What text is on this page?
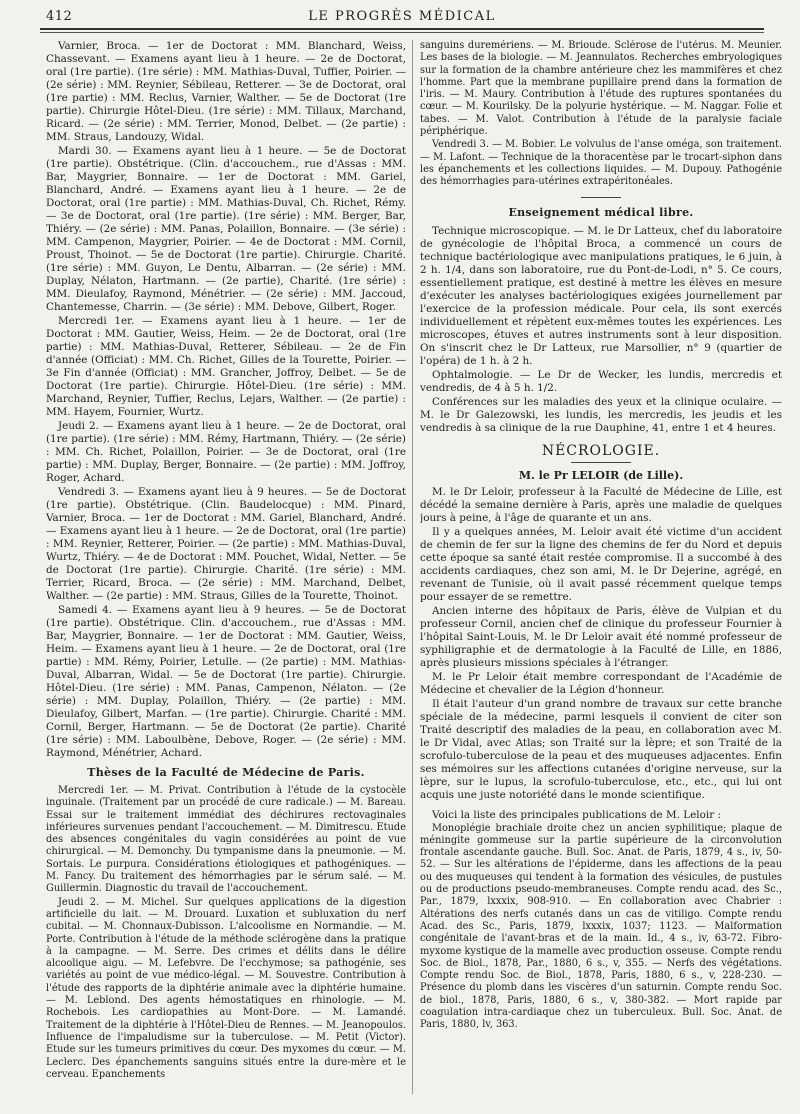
412	LE PROGRÈS MÉDICAL

Varnier, Broca. — 1er de Doctorat : MM. Blanchard, Weiss, Chassevant. — Examens ayant lieu à 1 heure. — 2e de Doctorat, oral (1re partie). (1re série) : MM. Mathias-Duval, Tuffier, Poirier. — (2e série) : MM. Reynier, Sébileau, Retterer. — 3e de Doctorat, oral (1re partie) : MM. Reclus, Varnier, Walther. — 5e de Doctorat (1re partie). Chirurgie Hôtel-Dieu. (1re série) : MM. Tillaux, Marchand, Ricard. — (2e série) : MM. Terrier, Monod, Delbet. — (2e partie) : MM. Straus, Landouzy, Widal.

Mardi 30. — Examens ayant lieu à 1 heure. — 5e de Doctorat (1re partie). Obstétrique. (Clin. d'accouchem., rue d'Assas : MM. Bar, Maygrier, Bonnaire. — 1er de Doctorat : MM. Gariel, Blanchard, André. — Examens ayant lieu à 1 heure. — 2e de Doctorat, oral (1re partie) : MM. Mathias-Duval, Ch. Richet, Rémy. — 3e de Doctorat, oral (1re partie). (1re série) : MM. Berger, Bar, Thiéry. — (2e série) : MM. Panas, Polaillon, Bonnaire. — (3e série) : MM. Campenon, Maygrier, Poirier. — 4e de Doctorat : MM. Cornil, Proust, Thoinot. — 5e de Doctorat (1re partie). Chirurgie. Charité. (1re série) : MM. Guyon, Le Dentu, Albarran. — (2e série) : MM. Duplay, Nélaton, Hartmann. — (2e partie), Charité. (1re série) : MM. Dieulafoy, Raymond, Ménétrier. — (2e série) : MM. Jaccoud, Chantemesse, Charrin. — (3e série) : MM. Debove, Gilbert, Roger.

Mercredi 1er. — Examens ayant lieu à 1 heure. — 1er de Doctorat : MM. Gautier, Weiss, Heim. — 2e de Doctorat, oral (1re partie) : MM. Mathias-Duval, Retterer, Sébileau. — 2e de Fin d'année (Officiat) : MM. Ch. Richet, Gilles de la Tourette, Poirier. — 3e Fin d'année (Officiat) : MM. Grancher, Joffroy, Delbet. — 5e de Doctorat (1re partie). Chirurgie. Hôtel-Dieu. (1re série) : MM. Marchand, Reynier, Tuffier, Reclus, Lejars, Walther. — (2e partie) : MM. Hayem, Fournier, Wurtz.

Jeudi 2. — Examens ayant lieu à 1 heure. — 2e de Doctorat, oral (1re partie). (1re série) : MM. Rémy, Hartmann, Thiéry. — (2e série) : MM. Ch. Richet, Polaillon, Poirier. — 3e de Doctorat, oral (1re partie) : MM. Duplay, Berger, Bonnaire. — (2e partie) : MM. Joffroy, Roger, Achard.

Vendredi 3. — Examens ayant lieu à 9 heures. — 5e de Doctorat (1re partie). Obstétrique. (Clin. Baudelocque) : MM. Pinard, Varnier, Broca. — 1er de Doctorat : MM. Gariel, Blanchard, André. — Examens ayant lieu à 1 heure. — 2e de Doctorat, oral (1re partie) : MM. Reynier, Retterer, Poirier. — (2e partie) : MM. Mathias-Duval, Wurtz, Thiéry. — 4e de Doctorat : MM. Pouchet, Widal, Netter. — 5e de Doctorat (1re partie). Chirurgie. Charité. (1re série) : MM. Terrier, Ricard, Broca. — (2e série) : MM. Marchand, Delbet, Walther. — (2e partie) : MM. Straus, Gilles de la Tourette, Thoinot.

Samedi 4. — Examens ayant lieu à 9 heures. — 5e de Doctorat (1re partie). Obstétrique. Clin. d'accouchem., rue d'Assas : MM. Bar, Maygrier, Bonnaire. — 1er de Doctorat : MM. Gautier, Weiss, Heim. — Examens ayant lieu à 1 heure. — 2e de Doctorat, oral (1re partie) : MM. Rémy, Poirier, Letulle. — (2e partie) : MM. Mathias-Duval, Albarran, Widal. — 5e de Doctorat (1re partie). Chirurgie. Hôtel-Dieu. (1re série) : MM. Panas, Campenon, Nélaton. — (2e série) : MM. Duplay, Polaillon, Thiéry. — (2e partie) : MM. Dieulafoy, Gilbert, Marfan. — (1re partie). Chirurgie. Charité : MM. Cornil, Berger, Hartmann. — 5e de Doctorat (2e partie). Charité (1re série) : MM. Laboulbène, Debove, Roger. — (2e série) : MM. Raymond, Ménétrier, Achard.

Thèses de la Faculté de Médecine de Paris.

Mercredi 1er. — M. Privat. Contribution à l'étude de la cystocèle inguinale. (Traitement par un procédé de cure radicale.) — M. Bareau. Essai sur le traitement immédiat des déchirures rectovaginales inférieures survenues pendant l'accouchement. — M. Dimitrescu. Etude des absences congénitales du vagin considérées au point de vue chirurgical. — M. Demonchy. Du tympanisme dans la pneumonie. — M. Sortais. Le purpura. Considérations étiologiques et pathogéniques. — M. Fancy. Du traitement des hémorrhagies par le sérum salé. — M. Guillermin. Diagnostic du travail de l'accouchement.

Jeudi 2. — M. Michel. Sur quelques applications de la digestion artificielle du lait. — M. Drouard. Luxation et subluxation du nerf cubital. — M. Chonnaux-Dubisson. L'alcoolisme en Normandie. — M. Porte. Contribution à l'étude de la méthode sclérogène dans la pratique à la campagne. — M. Serre. Des crimes et délits dans le délire alcoolique aigu. — M. Lefebvre. De l'ecchymose; sa pathogénie, ses variétés au point de vue médico-légal. — M. Souvestre. Contribution à l'étude des rapports de la diphtérie animale avec la diphtérie humaine. — M. Leblond. Des agents hémostatiques en rhinologie. — M. Rochebois. Les cardiopathies au Mont-Dore. — M. Lamandé. Traitement de la diphtérie à l'Hôtel-Dieu de Rennes. — M. Jeanopoulos. Influence de l'impaludisme sur la tuberculose. — M. Petit (Victor). Etude sur les tumeurs primitives du cœur. Des myxomes du cœur. — M. Leclerc. Des épanchements sanguins situés entre la dure-mère et le cerveau. Epanchements

sanguins duremériens. — M. Brioude. Sclérose de l'utérus. M. Meunier. Les bases de la biologie. — M. Jeannulatos. Recherches embryologiques sur la formation de la chambre antérieure chez les mammifères et chez l'homme. Part que la membrane pupillaire prend dans la formation de l'iris. — M. Maury. Contribution à l'étude des ruptures spontanées du cœur. — M. Kourilsky. De la polyurie hystérique. — M. Naggar. Folie et tabes. — M. Valot. Contribution à l'étude de la paralysie faciale périphérique.

Vendredi 3. — M. Bobier. Le volvulus de l'anse oméga, son traitement. — M. Lafont. — Technique de la thoracentèse par le trocart-siphon dans les épanchements et les collections liquides. — M. Dupouy. Pathogénie des hémorrhagies para-utérines extrapéritonéales.

Enseignement médical libre.

Technique microscopique. — M. le Dr Latteux, chef du laboratoire de gynécologie de l'hôpital Broca, a commencé un cours de technique bactériologique avec manipulations pratiques, le 6 juin, à 2 h. 1/4, dans son laboratoire, rue du Pont-de-Lodi, n° 5. Ce cours, essentiellement pratique, est destiné à mettre les élèves en mesure d'exécuter les analyses bactériologiques exigées journellement par l'exercice de la profession médicale. Pour cela, ils sont exercés individuellement et répètent eux-mêmes toutes les expériences. Les microscopes, étuves et autres instruments sont à leur disposition. On s'inscrit chez le Dr Latteux, rue Marsollier, n° 9 (quartier de l'opéra) de 1 h. à 2 h.

Ophtalmologie. — Le Dr de Wecker, les lundis, mercredis et vendredis, de 4 à 5 h. 1/2.

Conférences sur les maladies des yeux et la clinique oculaire. — M. le Dr Galezowski, les lundis, les mercredis, les jeudis et les vendredis à sa clinique de la rue Dauphine, 41, entre 1 et 4 heures.

NÉCROLOGIE.
M. le Pr LELOIR (de Lille).

M. le Dr Leloir, professeur à la Faculté de Médecine de Lille, est décédé la semaine dernière à Paris, après une maladie de quelques jours à peine, à l'âge de quarante et un ans.

Il y a quelques années, M. Leloir avait été victime d'un accident de chemin de fer sur la ligne des chemins de fer du Nord et depuis cette époque sa santé était restée compromise. Il a succombé à des accidents cardiaques, chez son ami, M. le Dr Dejerine, agrégé, en revenant de Tunisie, où il avait passé récemment quelque temps pour essayer de se remettre.

Ancien interne des hôpitaux de Paris, élève de Vulpian et du professeur Cornil, ancien chef de clinique du professeur Fournier à l'hôpital Saint-Louis, M. le Dr Leloir avait été nommé professeur de syphiligraphie et de dermatologie à la Faculté de Lille, en 1886, après plusieurs missions spéciales à l'étranger.

M. le Pr Leloir était membre correspondant de l'Académie de Médecine et chevalier de la Légion d'honneur.

Il était l'auteur d'un grand nombre de travaux sur cette branche spéciale de la médecine, parmi lesquels il convient de citer son Traité descriptif des maladies de la peau, en collaboration avec M. le Dr Vidal, avec Atlas; son Traité sur la lèpre; et son Traité de la scrofulo-tuberculose de la peau et des muqueuses adjacentes. Enfin ses mémoires sur les affections cutanées d'origine nerveuse, sur la lèpre, sur le lupus, la scrofulo-tuberculose, etc., etc., qui lui ont acquis une juste notoriété dans le monde scientifique.

Voici la liste des principales publications de M. Leloir :

Monoplégie brachiale droite chez un ancien syphilitique; plaque de méningite gommeuse sur la partie supérieure de la circonvolution frontale ascendante gauche. Bull. Soc. Anat. de Paris, 1879, 4 s., iv, 50-52. — Sur les altérations de l'épiderme, dans les affections de la peau ou des muqueuses qui tendent à la formation des vésicules, de pustules ou de productions pseudo-membraneuses. Compte rendu acad. des Sc., Par., 1879, lxxxix, 908-910. — En collaboration avec Chabrier : Altérations des nerfs cutanés dans un cas de vitiligo. Compte rendu Acad. des Sc., Paris, 1879, lxxxix, 1037; 1123. — Malformation congénitale de l'avant-bras et de la main. Id., 4 s., iv, 63-72. Fibro-myxome kystique de la mamelle avec production osseuse. Compte rendu Soc. de Biol., 1878, Par., 1880, 6 s., v, 355. — Nerfs des végétations. Compte rendu Soc. de Biol., 1878, Paris, 1880, 6 s., v, 228-230. — Présence du plomb dans les viscères d'un saturnin. Compte rendu Soc. de biol., 1878, Paris, 1880, 6 s., v, 380-382. — Mort rapide par coagulation intra-cardiaque chez un tuberculeux. Bull. Soc. Anat. de Paris, 1880, lv, 363.
